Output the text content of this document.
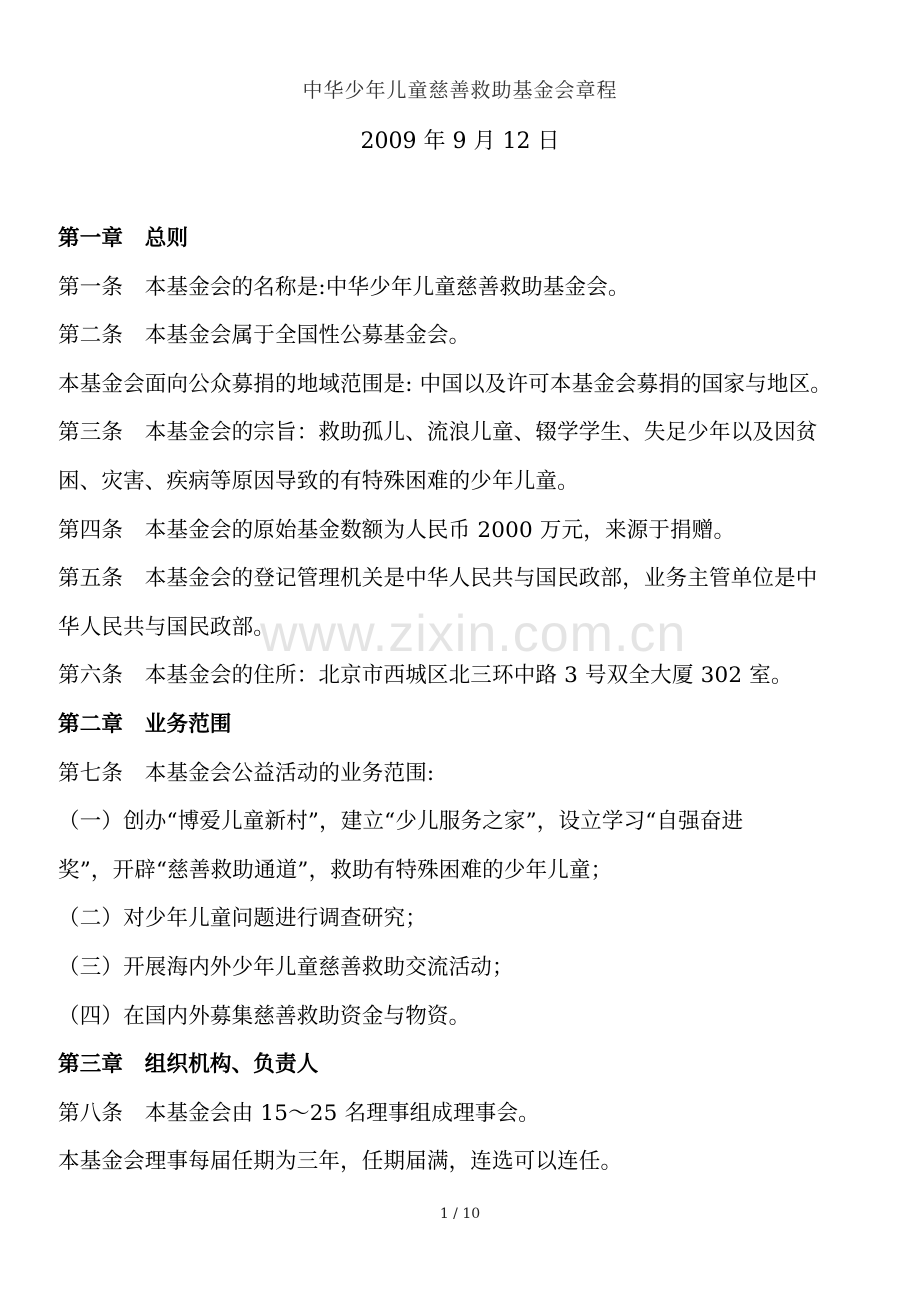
中华少年儿童慈善救助基金会章程
2009 年 9 月 12 日
第一章　总则
第一条　本基金会的名称是:中华少年儿童慈善救助基金会。
第二条　本基金会属于全国性公募基金会。
本基金会面向公众募捐的地域范围是: 中国以及许可本基金会募捐的国家与地区。
第三条　本基金会的宗旨：救助孤儿、流浪儿童、辍学学生、失足少年以及因贫
困、灾害、疾病等原因导致的有特殊困难的少年儿童。
第四条　本基金会的原始基金数额为人民币 2000 万元，来源于捐赠。
第五条　本基金会的登记管理机关是中华人民共与国民政部，业务主管单位是中
华人民共与国民政部。
第六条　本基金会的住所：北京市西城区北三环中路 3 号双全大厦 302 室。
第二章　业务范围
第七条　本基金会公益活动的业务范围:
（一）创办“博爱儿童新村”，建立“少儿服务之家”，设立学习“自强奋进
奖”，开辟“慈善救助通道”，救助有特殊困难的少年儿童；
（二）对少年儿童问题进行调查研究；
（三）开展海内外少年儿童慈善救助交流活动；
（四）在国内外募集慈善救助资金与物资。
第三章　组织机构、负责人
第八条　本基金会由 15～25 名理事组成理事会。
本基金会理事每届任期为三年，任期届满，连选可以连任。
www.zixin.com.cn
1 / 10
